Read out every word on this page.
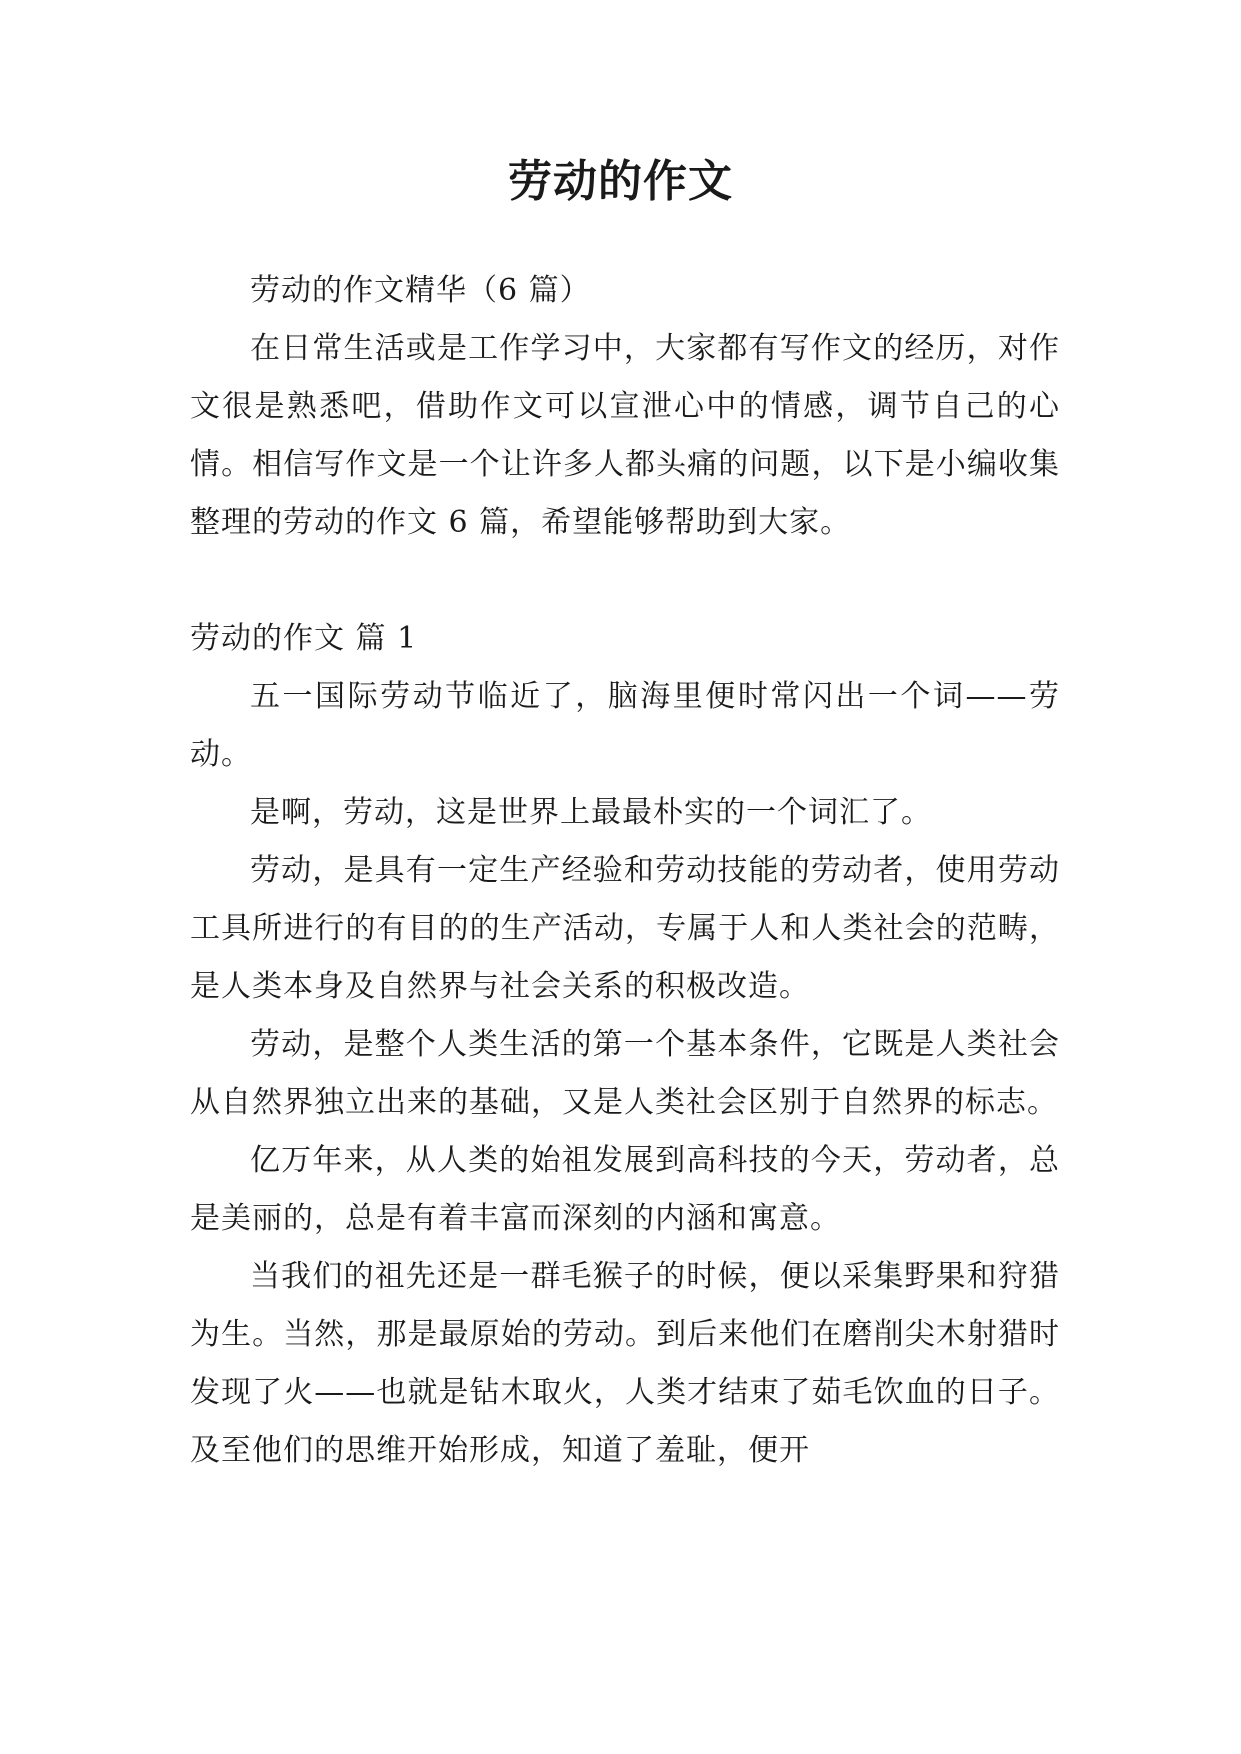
劳动的作文

劳动的作文精华（6 篇）

在日常生活或是工作学习中，大家都有写作文的经历，对作文很是熟悉吧，借助作文可以宣泄心中的情感，调节自己的心情。相信写作文是一个让许多人都头痛的问题，以下是小编收集整理的劳动的作文 6 篇，希望能够帮助到大家。

劳动的作文 篇 1

五一国际劳动节临近了，脑海里便时常闪出一个词——劳动。

是啊，劳动，这是世界上最最朴实的一个词汇了。

劳动，是具有一定生产经验和劳动技能的劳动者，使用劳动工具所进行的有目的的生产活动，专属于人和人类社会的范畴，是人类本身及自然界与社会关系的积极改造。

劳动，是整个人类生活的第一个基本条件，它既是人类社会从自然界独立出来的基础，又是人类社会区别于自然界的标志。

亿万年来，从人类的始祖发展到高科技的今天，劳动者，总是美丽的，总是有着丰富而深刻的内涵和寓意。

当我们的祖先还是一群毛猴子的时候，便以采集野果和狩猎为生。当然，那是最原始的劳动。到后来他们在磨削尖木射猎时发现了火——也就是钻木取火，人类才结束了茹毛饮血的日子。及至他们的思维开始形成，知道了羞耻，便开
